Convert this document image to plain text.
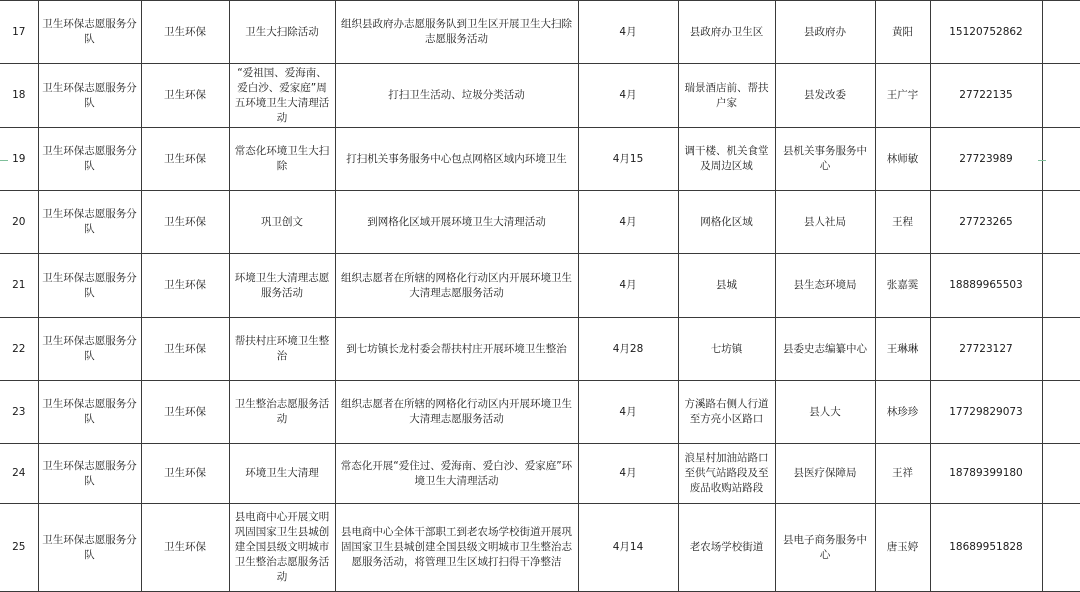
17	卫生环保志愿服务分队	卫生环保	卫生大扫除活动	组织县政府办志愿服务队到卫生区开展卫生大扫除志愿服务活动	4月	县政府办卫生区	县政府办	黄阳	15120752862	
18	卫生环保志愿服务分队	卫生环保	“爱祖国、爱海南、爱白沙、爱家庭”周五环境卫生大清理活动	打扫卫生活动、垃圾分类活动	4月	瑞景酒店前、帮扶户家	县发改委	王广宇	27722135	
19	卫生环保志愿服务分队	卫生环保	常态化环境卫生大扫除	打扫机关事务服务中心包点网格区域内环境卫生	4月15	调干楼、机关食堂及周边区域	县机关事务服务中心	林师敏	27723989	
20	卫生环保志愿服务分队	卫生环保	巩卫创文	到网格化区域开展环境卫生大清理活动	4月	网格化区域	县人社局	王程	27723265	
21	卫生环保志愿服务分队	卫生环保	环境卫生大清理志愿服务活动	组织志愿者在所辖的网格化行动区内开展环境卫生大清理志愿服务活动	4月	县城	县生态环境局	张嘉霙	18889965503	
22	卫生环保志愿服务分队	卫生环保	帮扶村庄环境卫生整治	到七坊镇长龙村委会帮扶村庄开展环境卫生整治	4月28	七坊镇	县委史志编纂中心	王琳琳	27723127	
23	卫生环保志愿服务分队	卫生环保	卫生整治志愿服务活动	组织志愿者在所辖的网格化行动区内开展环境卫生大清理志愿服务活动	4月	方溪路右侧人行道至方亮小区路口	县人大	林珍珍	17729829073	
24	卫生环保志愿服务分队	卫生环保	环境卫生大清理	常态化开展“爱住过、爱海南、爱白沙、爱家庭”环境卫生大清理活动	4月	浪星村加油站路口至供气站路段及至废品收购站路段	县医疗保障局	王祥	18789399180	
25	卫生环保志愿服务分队	卫生环保	县电商中心开展文明巩固国家卫生县城创建全国县级文明城市卫生整治志愿服务活动	县电商中心全体干部职工到老农场学校街道开展巩固国家卫生县城创建全国县级文明城市卫生整治志愿服务活动，将管理卫生区域打扫得干净整洁	4月14	老农场学校街道	县电子商务服务中心	唐玉婷	18689951828	
